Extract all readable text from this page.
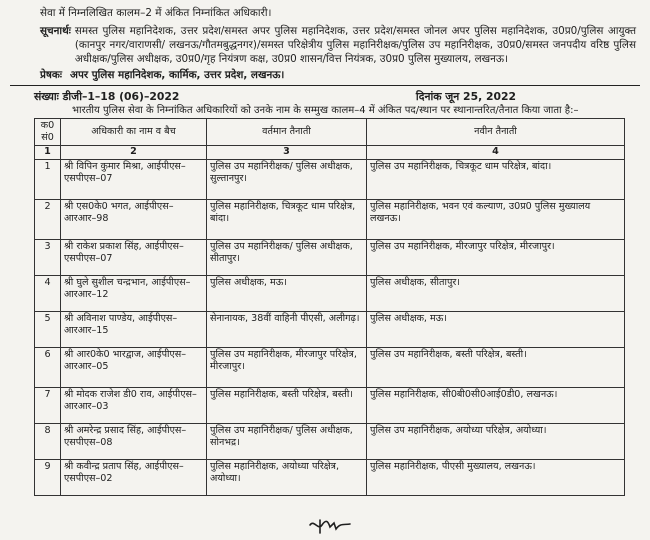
सेवा में निम्नलिखित कालम–2 में अंकित निम्नांकित अधिकारी।
सूचनार्थः समस्त पुलिस महानिदेशक, उत्तर प्रदेश/समस्त अपर पुलिस महानिदेशक, उत्तर प्रदेश/समस्त जोनल अपर पुलिस महानिदेशक, उ0प्र0/पुलिस आयुक्त (कानपुर नगर/वाराणसी/ लखनऊ/गौतमबुद्धनगर)/समस्त परिक्षेत्रीय पुलिस महानिरीक्षक/पुलिस उप महानिरीक्षक, उ0प्र0/समस्त जनपदीय वरिष्ठ पुलिस अधीक्षक/पुलिस अधीक्षक, उ0प्र0/गृह नियंत्रण कक्ष, उ0प्र0 शासन/वित्त नियंत्रक, उ0प्र0 पुलिस मुख्यालय, लखनऊ।
प्रेषकः अपर पुलिस महानिदेशक, कार्मिक, उत्तर प्रदेश, लखनऊ।
संख्याः डीजी–1–18 (06)–2022	दिनांक जून 25, 2022
भारतीय पुलिस सेवा के निम्नांकित अधिकारियों को उनके नाम के सम्मुख कालम–4 में अंकित पद/स्थान पर स्थानान्तरित/तैनात किया जाता है:–
क0 सं0	अधिकारी का नाम व बैच	वर्तमान तैनाती	नवीन तैनाती
1	2	3	4
1	श्री विपिन कुमार मिश्रा, आईपीएस–एसपीएस–07	पुलिस उप महानिरीक्षक/ पुलिस अधीक्षक, सुल्तानपुर।	पुलिस उप महानिरीक्षक, चित्रकूट धाम परिक्षेत्र, बांदा।
2	श्री एस0के0 भगत, आईपीएस–आरआर–98	पुलिस महानिरीक्षक, चित्रकूट धाम परिक्षेत्र, बांदा।	पुलिस महानिरीक्षक, भवन एवं कल्याण, उ0प्र0 पुलिस मुख्यालय लखनऊ।
3	श्री राकेश प्रकाश सिंह, आईपीएस–एसपीएस–07	पुलिस उप महानिरीक्षक/ पुलिस अधीक्षक, सीतापुर।	पुलिस उप महानिरीक्षक, मीरजापुर परिक्षेत्र, मीरजापुर।
4	श्री घुले सुशील चन्द्रभान, आईपीएस–आरआर–12	पुलिस अधीक्षक, मऊ।	पुलिस अधीक्षक, सीतापुर।
5	श्री अविनाश पाण्डेय, आईपीएस–आरआर–15	सेनानायक, 38वीं वाहिनी पीएसी, अलीगढ़।	पुलिस अधीक्षक, मऊ।
6	श्री आर0के0 भारद्वाज, आईपीएस–आरआर–05	पुलिस उप महानिरीक्षक, मीरजापुर परिक्षेत्र, मीरजापुर।	पुलिस उप महानिरीक्षक, बस्ती परिक्षेत्र, बस्ती।
7	श्री मोदक राजेश डी0 राव, आईपीएस–आरआर–03	पुलिस महानिरीक्षक, बस्ती परिक्षेत्र, बस्ती।	पुलिस महानिरीक्षक, सी0बी0सी0आई0डी0, लखनऊ।
8	श्री अमरेन्द्र प्रसाद सिंह, आईपीएस–एसपीएस–08	पुलिस उप महानिरीक्षक/ पुलिस अधीक्षक, सोनभद्र।	पुलिस उप महानिरीक्षक, अयोध्या परिक्षेत्र, अयोध्या।
9	श्री कवीन्द्र प्रताप सिंह, आईपीएस–एसपीएस–02	पुलिस महानिरीक्षक, अयोध्या परिक्षेत्र, अयोध्या।	पुलिस महानिरीक्षक, पीएसी मुख्यालय, लखनऊ।
